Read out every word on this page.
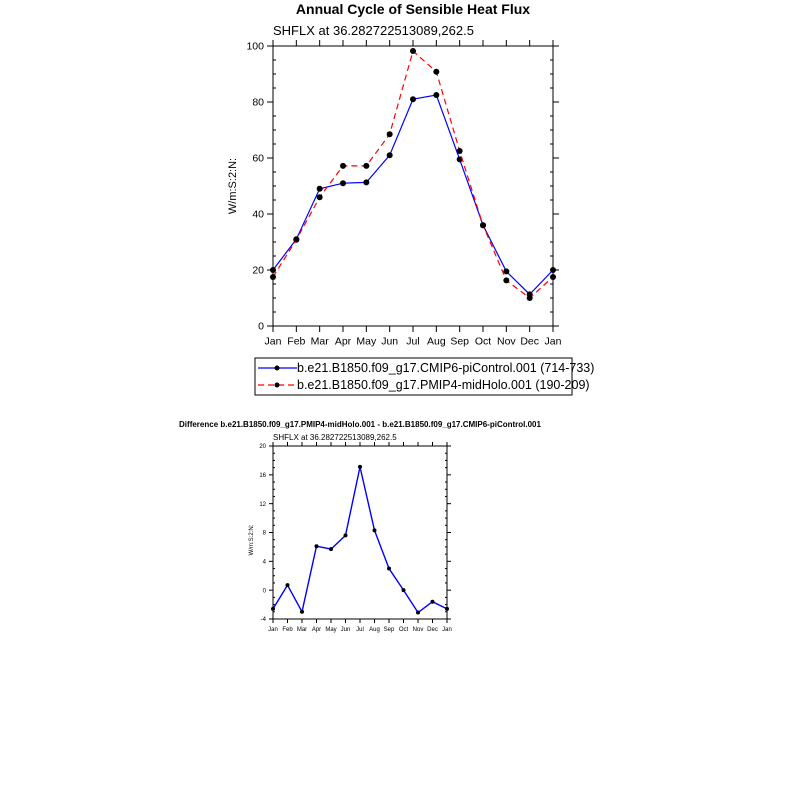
Annual Cycle of Sensible Heat Flux
SHFLX at 36.282722513089,262.5
W/m:S:2:N:
Jan Feb Mar Apr May Jun Jul Aug Sep Oct Nov Dec Jan
0
20
40
60
80
100
b.e21.B1850.f09_g17.CMIP6-piControl.001 (714-733)
b.e21.B1850.f09_g17.PMIP4-midHolo.001 (190-209)
Difference b.e21.B1850.f09_g17.PMIP4-midHolo.001 - b.e21.B1850.f09_g17.CMIP6-piControl.001
SHFLX at 36.282722513089,262.5
W/m:S:2:N:
Jan Feb Mar Apr May Jun Jul Aug Sep Oct Nov Dec Jan
-4
0
4
8
12
16
20
